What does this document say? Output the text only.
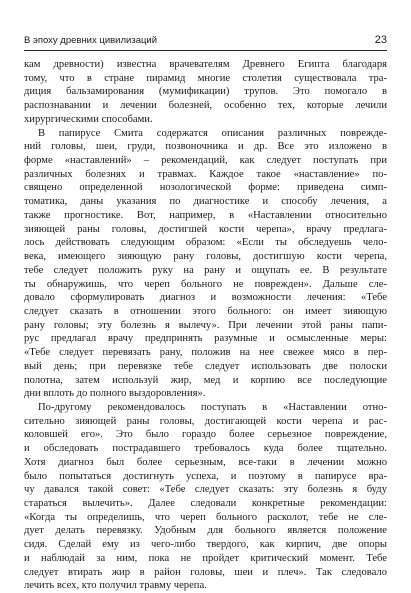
В эпоху древних цивилизаций	23
кам древности) известна врачевателям Древнего Египта благодаря
тому, что в стране пирамид многие столетия существовала тра-
диция бальзамирования (мумификации) трупов. Это помогало в
распознавании и лечении болезней, особенно тех, которые лечили
хирургическими способами.
В папирусе Смита содержатся описания различных поврежде-
ний головы, шеи, груди, позвоночника и др. Все это изложено в
форме «наставлений» – рекомендаций, как следует поступать при
различных болезнях и травмах. Каждое такое «наставление» по-
священо определенной нозологической форме: приведена симп-
томатика, даны указания по диагностике и способу лечения, а
также прогностике. Вот, например, в «Наставлении относительно
зияющей раны головы, достигшей кости черепа», врачу предлага-
лось действовать следующим образом: «Если ты обследуешь чело-
века, имеющего зияющую рану головы, достигшую кости черепа,
тебе следует положить руку на рану и ощупать ее. В результате
ты обнаружишь, что череп больного не поврежден». Дальше сле-
довало сформулировать диагноз и возможности лечения: «Тебе
следует сказать в отношении этого больного: он имеет зияющую
рану головы; эту болезнь я вылечу». При лечении этой раны папи-
рус предлагал врачу предпринять разумные и осмысленные меры:
«Тебе следует перевязать рану, положив на нее свежее мясо в пер-
вый день; при перевязке тебе следует использовать две полоски
полотна, затем используй жир, мед и корпию все последующие
дни вплоть до полного выздоровления».
По-другому рекомендовалось поступать в «Наставлении отно-
сительно зияющей раны головы, достигающей кости черепа и рас-
коловшей его». Это было гораздо более серьезное повреждение,
и обследовать пострадавшего требовалось куда более тщательно.
Хотя диагноз был более серьезным, все-таки в лечении можно
было попытаться достигнуть успеха, и поэтому в папирусе вра-
чу давался такой совет: «Тебе следует сказать: эту болезнь я буду
стараться вылечить». Далее следовали конкретные рекомендации:
«Когда ты определишь, что череп больного расколот, тебе не сле-
дует делать перевязку. Удобным для больного является положение
сидя. Сделай ему из чего-либо твердого, как кирпич, две опоры
и наблюдай за ним, пока не пройдет критический момент. Тебе
следует втирать жир в район головы, шеи и плеч». Так следовало
лечить всех, кто получил травму черепа.
